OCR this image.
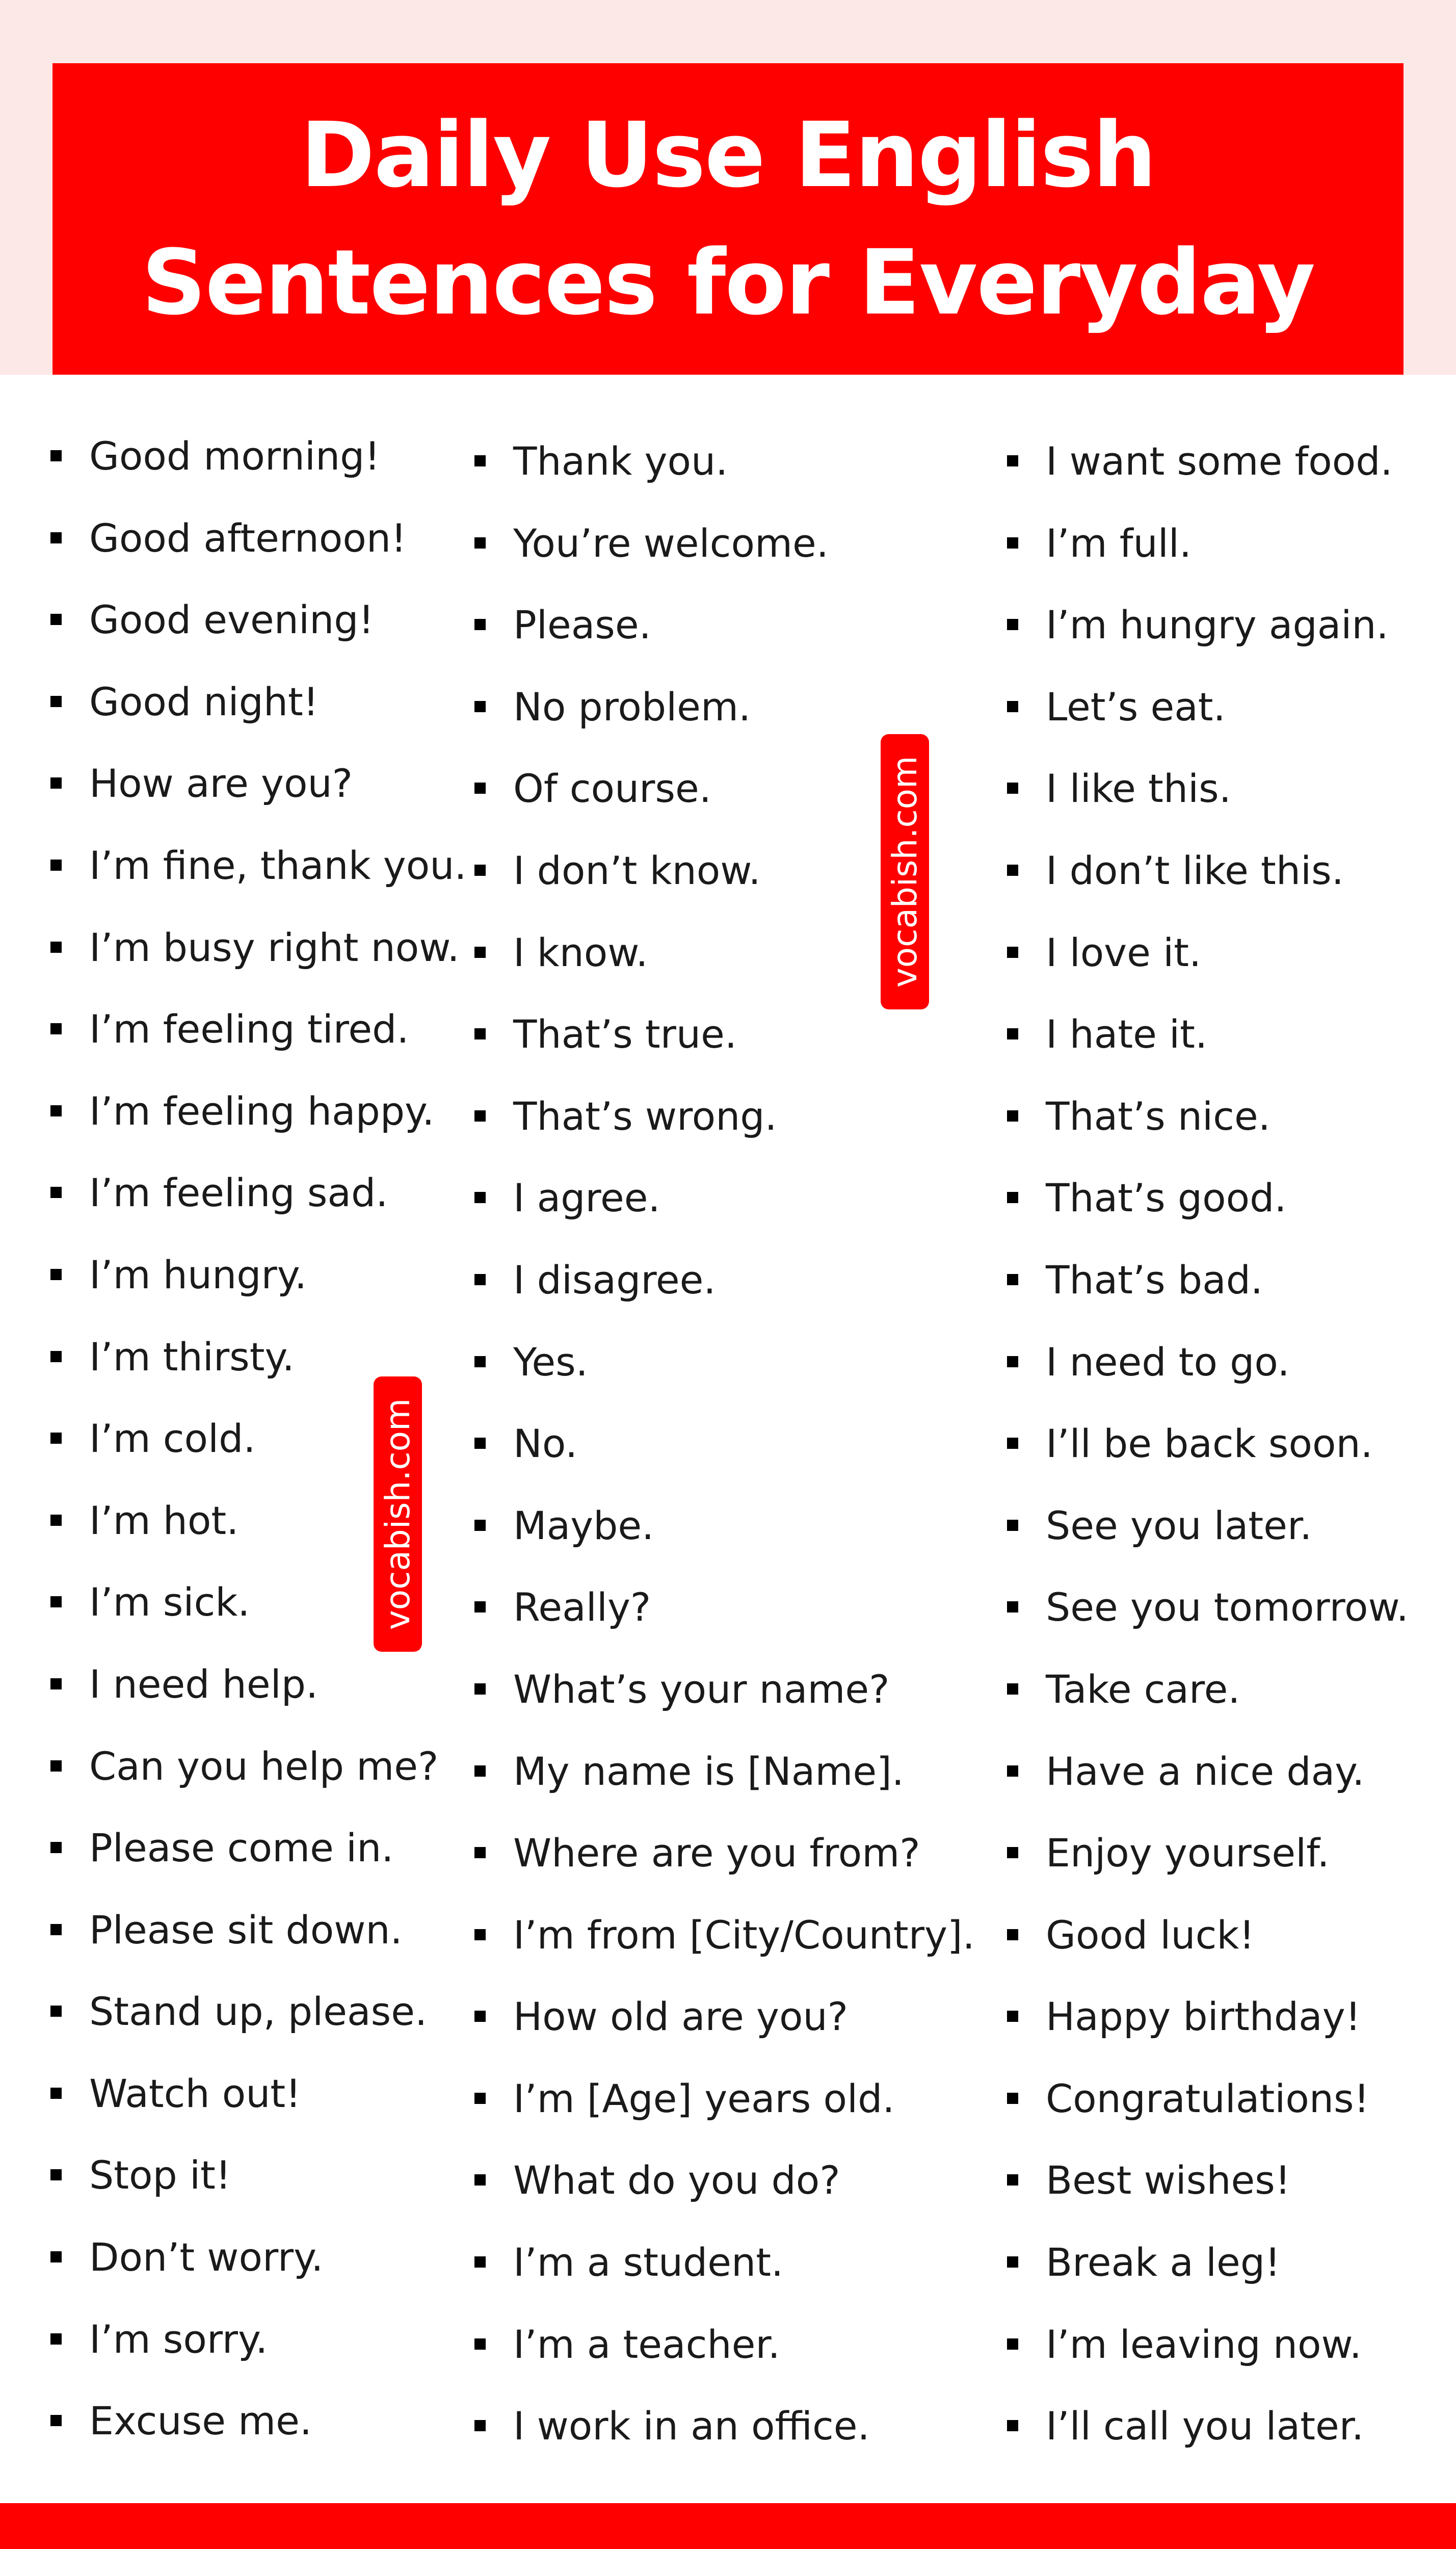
Daily Use English
Sentences for Everyday
Good morning!
Good afternoon!
Good evening!
Good night!
How are you?
I’m fine, thank you.
I’m busy right now.
I’m feeling tired.
I’m feeling happy.
I’m feeling sad.
I’m hungry.
I’m thirsty.
I’m cold.
I’m hot.
I’m sick.
I need help.
Can you help me?
Please come in.
Please sit down.
Stand up, please.
Watch out!
Stop it!
Don’t worry.
I’m sorry.
Excuse me.
Thank you.
You’re welcome.
Please.
No problem.
Of course.
I don’t know.
I know.
That’s true.
That’s wrong.
I agree.
I disagree.
Yes.
No.
Maybe.
Really?
What’s your name?
My name is [Name].
Where are you from?
I’m from [City/Country].
How old are you?
I’m [Age] years old.
What do you do?
I’m a student.
I’m a teacher.
I work in an office.
I want some food.
I’m full.
I’m hungry again.
Let’s eat.
I like this.
I don’t like this.
I love it.
I hate it.
That’s nice.
That’s good.
That’s bad.
I need to go.
I’ll be back soon.
See you later.
See you tomorrow.
Take care.
Have a nice day.
Enjoy yourself.
Good luck!
Happy birthday!
Congratulations!
Best wishes!
Break a leg!
I’m leaving now.
I’ll call you later.
vocabish.com
vocabish.com
